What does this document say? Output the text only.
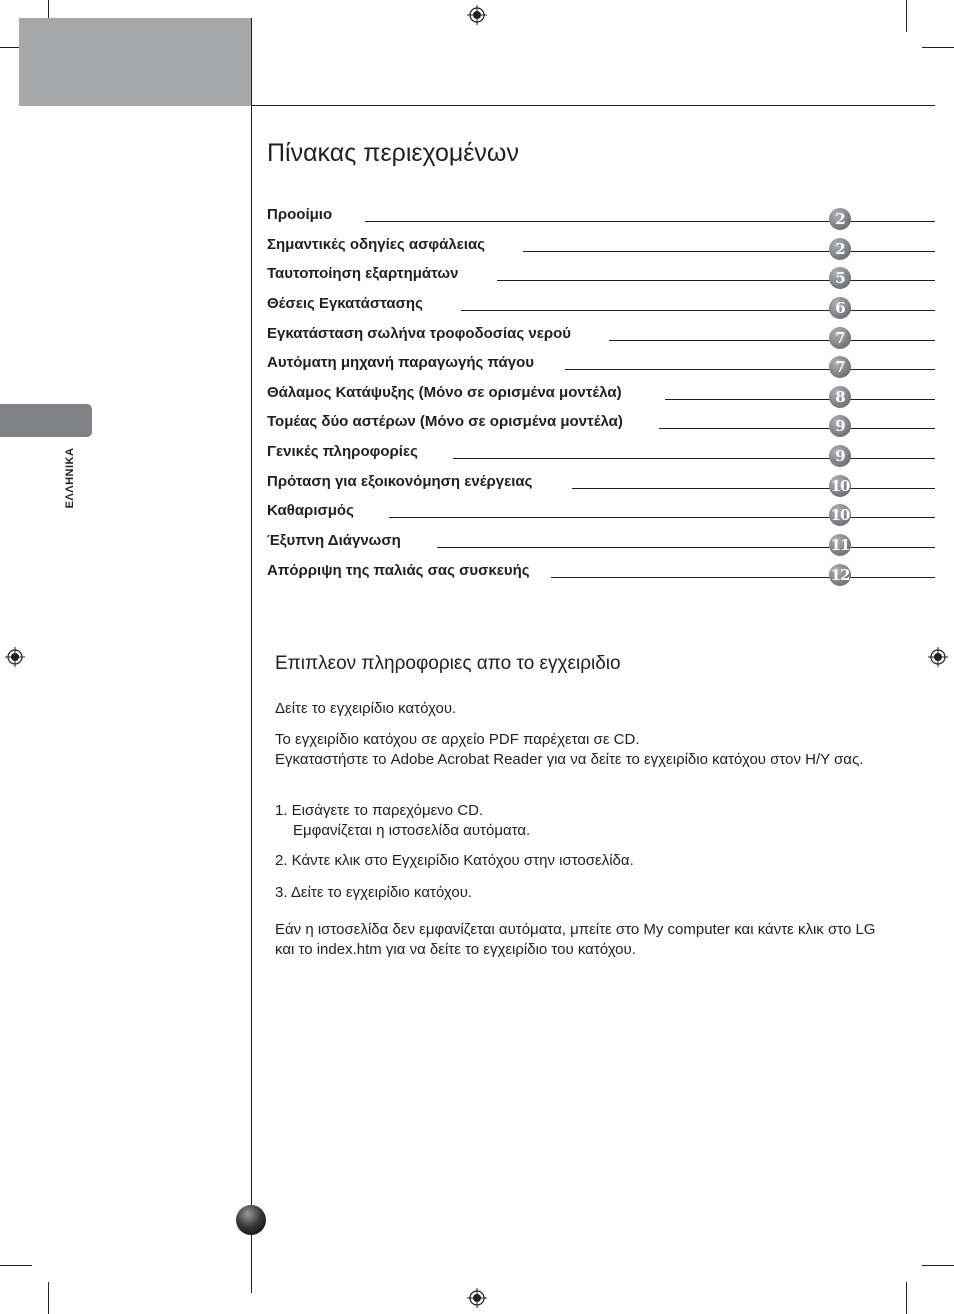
ΕΛΛΗΝΙΚΑ
Πίνακας περιεχομένων
Προοίμιο	2
Σημαντικές οδηγίες ασφάλειας	2
Ταυτοποίηση εξαρτημάτων	5
Θέσεις Εγκατάστασης	6
Εγκατάσταση σωλήνα τροφοδοσίας νερού	7
Αυτόματη μηχανή παραγωγής πάγου	7
Θάλαμος Κατάψυξης (Μόνο σε ορισμένα μοντέλα)	8
Τομέας δύο αστέρων (Μόνο σε ορισμένα μοντέλα)	9
Γενικές πληροφορίες	9
Πρόταση για εξοικονόμηση ενέργειας	10
Καθαρισμός	10
Έξυπνη Διάγνωση	11
Απόρριψη της παλιάς σας συσκευής	12
Επιπλεον πληροφοριες απο το εγχειριδιο

Δείτε το εγχειρίδιο κατόχου.

Το εγχειρίδιο κατόχου σε αρχείο PDF παρέχεται σε CD.
Εγκαταστήστε το Adobe Acrobat Reader για να δείτε το εγχειρίδιο κατόχου στον Η/Υ σας.

1. Εισάγετε το παρεχόμενο CD.
Εμφανίζεται η ιστοσελίδα αυτόματα.

2. Κάντε κλικ στο Εγχειρίδιο Κατόχου στην ιστοσελίδα.

3. Δείτε το εγχειρίδιο κατόχου.

Εάν η ιστοσελίδα δεν εμφανίζεται αυτόματα, μπείτε στο My computer και κάντε κλικ στο LG και το index.htm για να δείτε το εγχειρίδιο του κατόχου.
